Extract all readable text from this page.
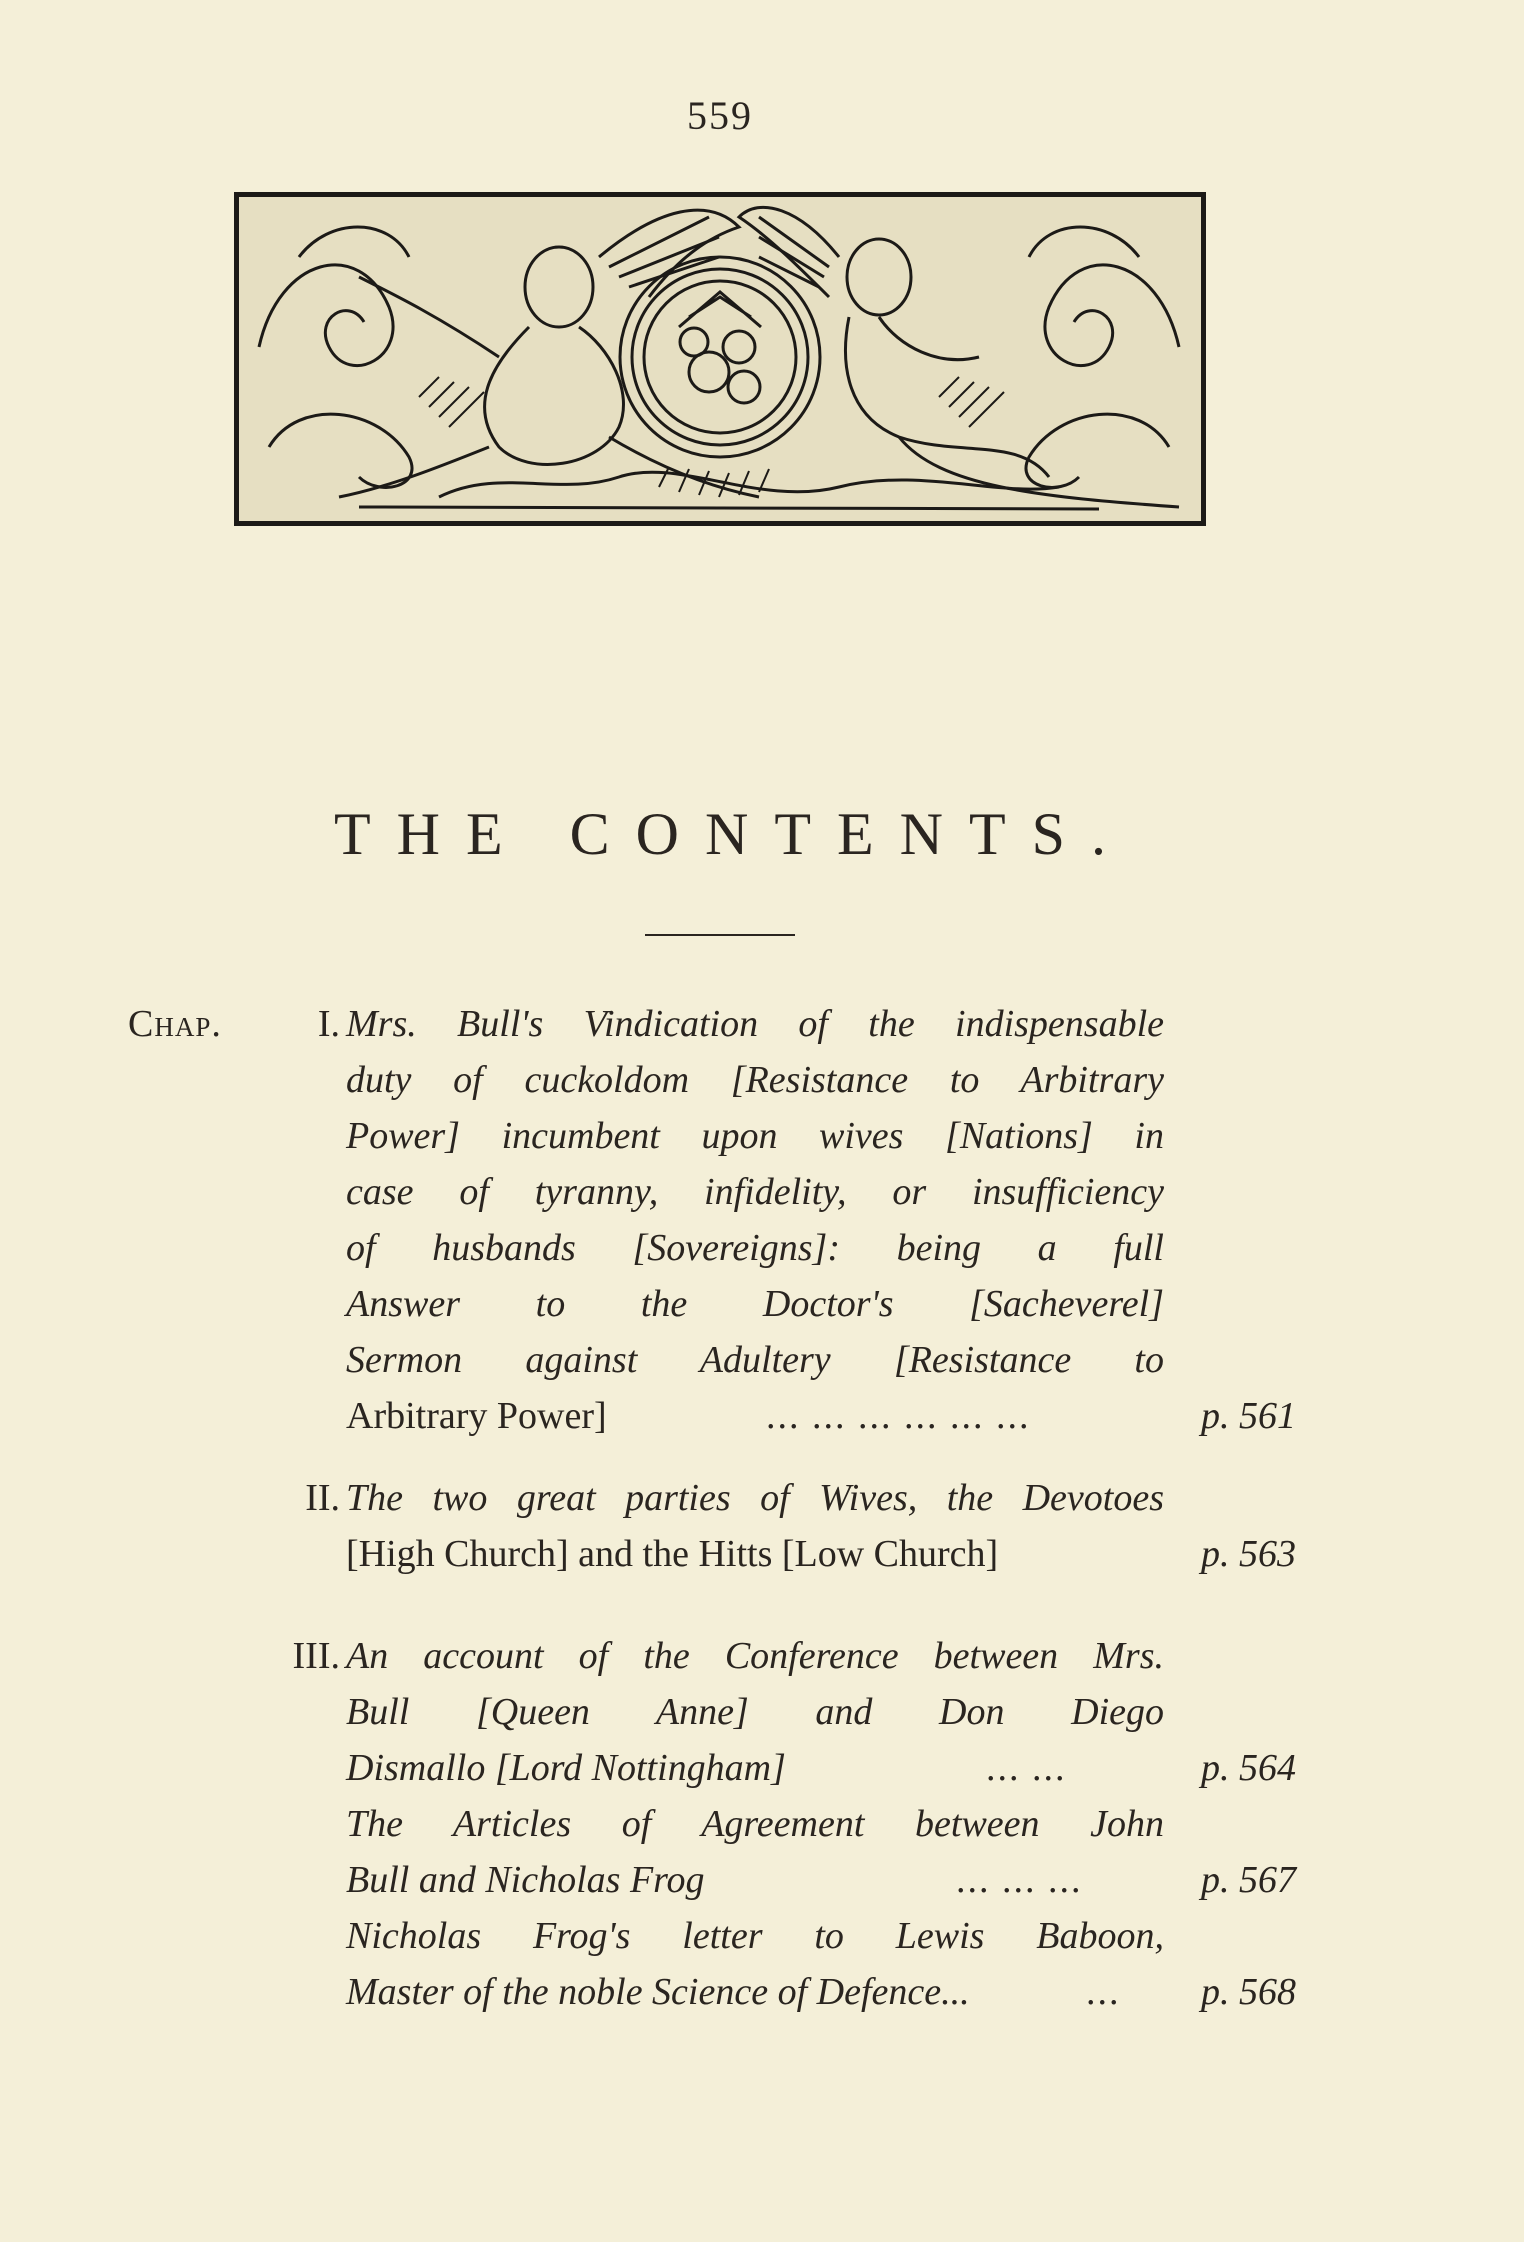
559
THE CONTENTS.
Chap.	I. Mrs. Bull's Vindication of the indispensable
duty of cuckoldom [Resistance to Arbitrary
Power] incumbent upon wives [Nations] in
case of tyranny, infidelity, or insufficiency
of husbands [Sovereigns]: being a full
Answer to the Doctor's [Sacheverel]
Sermon against Adultery [Resistance to
Arbitrary Power]	... ... ... ... ... ...	p. 561
II. The two great parties of Wives, the Devotoes
[High Church] and the Hitts [Low Church]	p. 563
III. An account of the Conference between Mrs.
Bull [Queen Anne] and Don Diego
Dismallo [Lord Nottingham]	... ...	p. 564
The Articles of Agreement between John
Bull and Nicholas Frog	... ... ...	p. 567
Nicholas Frog's letter to Lewis Baboon,
Master of the noble Science of Defence...	... p. 568
